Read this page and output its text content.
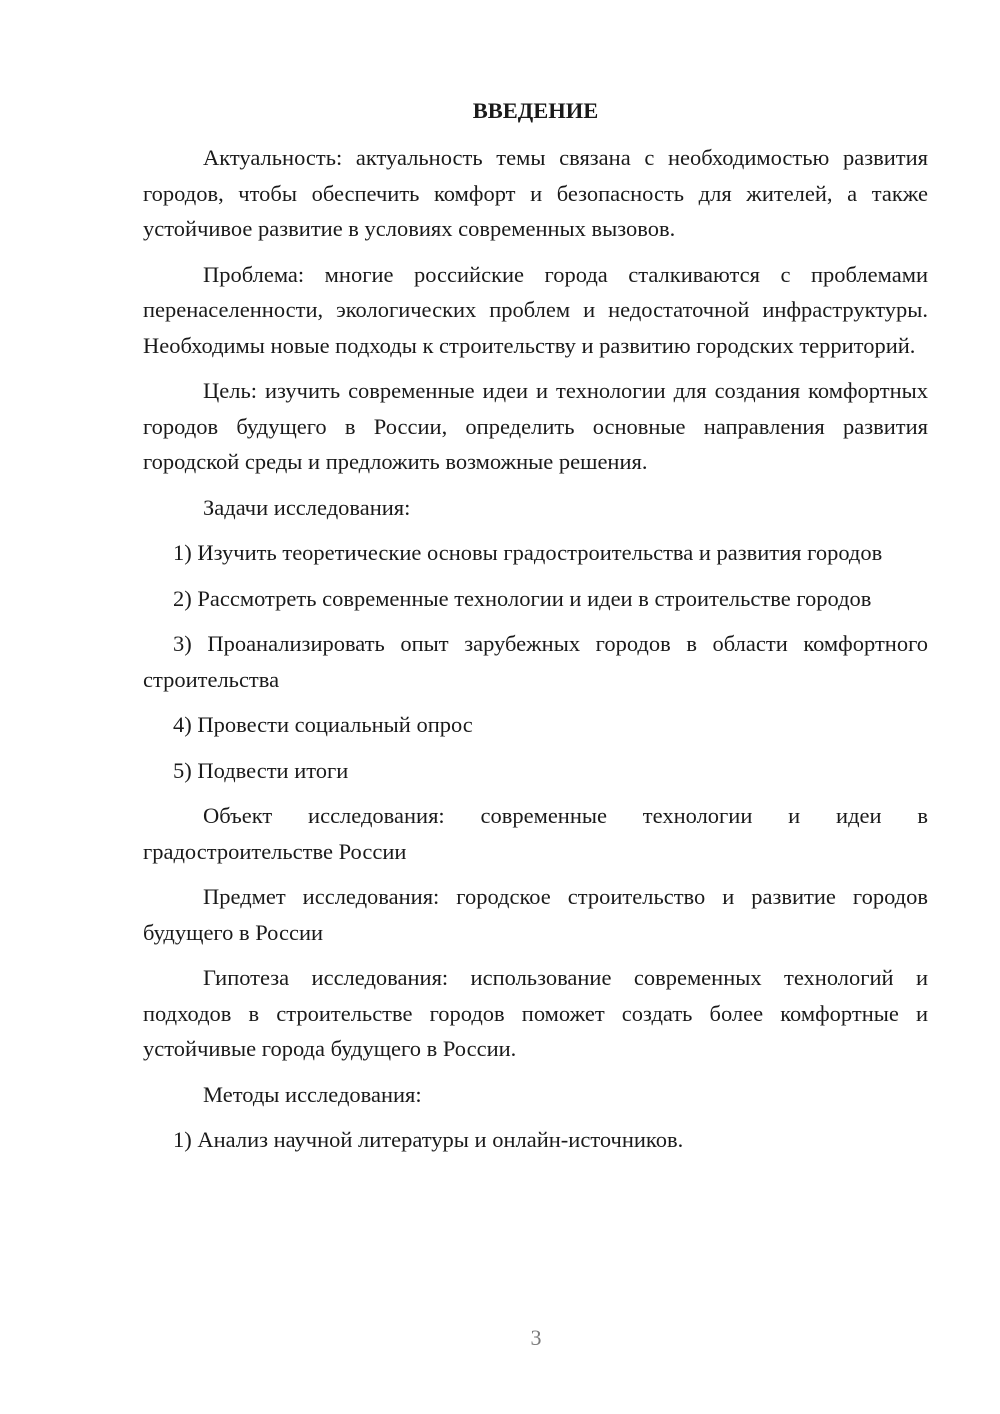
ВВЕДЕНИЕ

Актуальность: актуальность темы связана с необходимостью развития городов, чтобы обеспечить комфорт и безопасность для жителей, а также устойчивое развитие в условиях современных вызовов.

Проблема: многие российские города сталкиваются с проблемами перенаселенности, экологических проблем и недостаточной инфраструктуры. Необходимы новые подходы к строительству и развитию городских территорий.

Цель: изучить современные идеи и технологии для создания комфортных городов будущего в России, определить основные направления развития городской среды и предложить возможные решения.

Задачи исследования:

1) Изучить теоретические основы градостроительства и развития городов

2) Рассмотреть современные технологии и идеи в строительстве городов

3) Проанализировать опыт зарубежных городов в области комфортного строительства

4) Провести социальный опрос

5) Подвести итоги

Объект исследования: современные технологии и идеи в градостроительстве России

Предмет исследования: городское строительство и развитие городов будущего в России

Гипотеза исследования: использование современных технологий и подходов в строительстве городов поможет создать более комфортные и устойчивые города будущего в России.

Методы исследования:

1) Анализ научной литературы и онлайн-источников.

3
